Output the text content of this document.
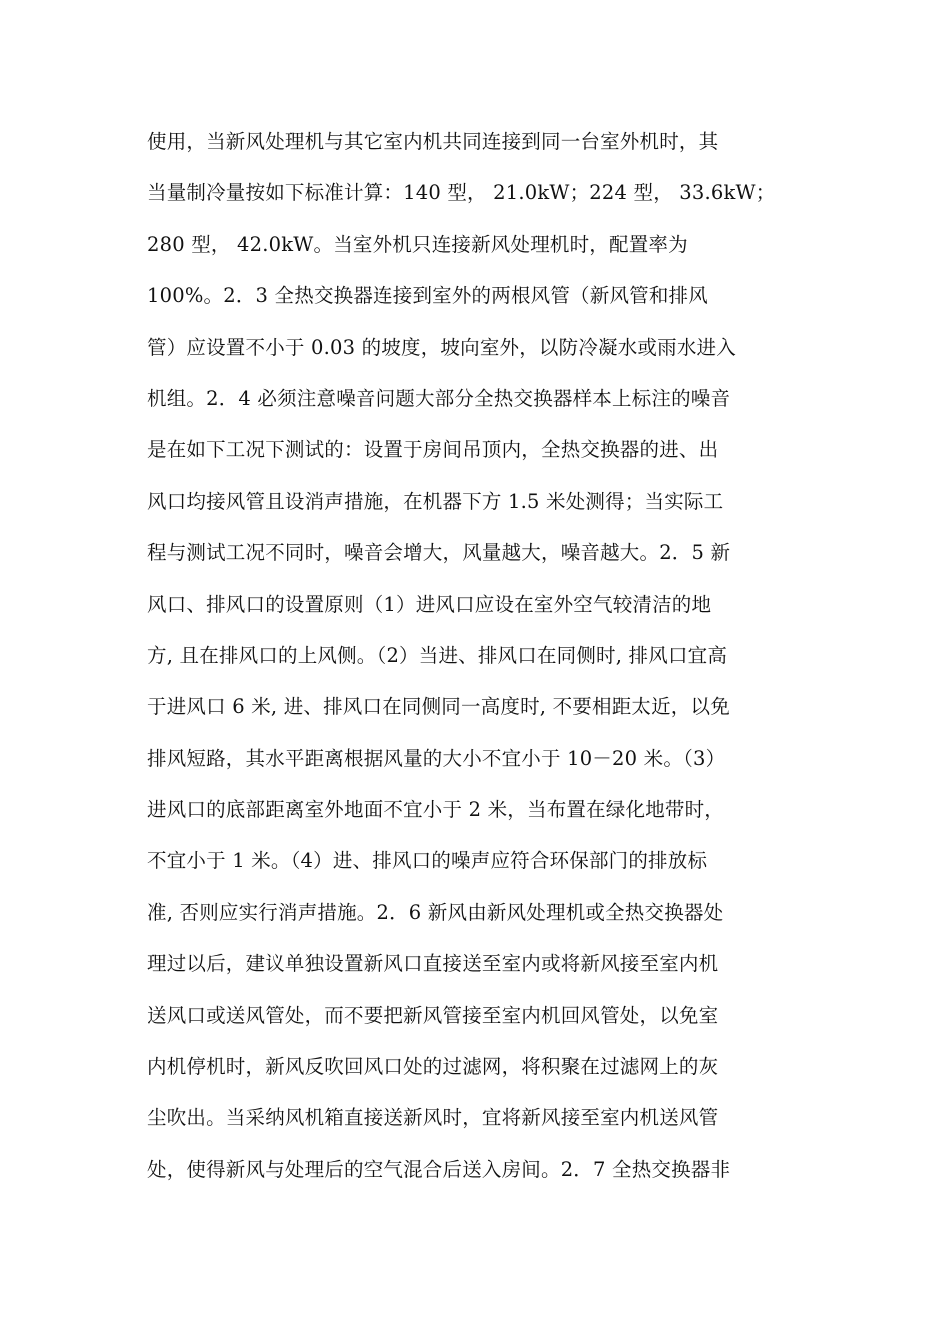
使用，当新风处理机与其它室内机共同连接到同一台室外机时，其
当量制冷量按如下标准计算：140 型， 21.0kW；224 型， 33.6kW；
280 型， 42.0kW。当室外机只连接新风处理机时，配置率为
100%。2．3 全热交换器连接到室外的两根风管（新风管和排风
管）应设置不小于 0.03 的坡度，坡向室外，以防冷凝水或雨水进入
机组。2．4 必须注意噪音问题大部分全热交换器样本上标注的噪音
是在如下工况下测试的：设置于房间吊顶内，全热交换器的进、出
风口均接风管且设消声措施，在机器下方 1.5 米处测得；当实际工
程与测试工况不同时，噪音会增大，风量越大，噪音越大。2．5 新
风口、排风口的设置原则（1）进风口应设在室外空气较清洁的地
方, 且在排风口的上风侧。（2）当进、排风口在同侧时, 排风口宜高
于进风口 6 米, 进、排风口在同侧同一高度时, 不要相距太近，以免
排风短路，其水平距离根据风量的大小不宜小于 10－20 米。（3）
进风口的底部距离室外地面不宜小于 2 米，当布置在绿化地带时，
不宜小于 1 米。（4）进、排风口的噪声应符合环保部门的排放标
准, 否则应实行消声措施。2．6 新风由新风处理机或全热交换器处
理过以后，建议单独设置新风口直接送至室内或将新风接至室内机
送风口或送风管处，而不要把新风管接至室内机回风管处，以免室
内机停机时，新风反吹回风口处的过滤网，将积聚在过滤网上的灰
尘吹出。当采纳风机箱直接送新风时，宜将新风接至室内机送风管
处，使得新风与处理后的空气混合后送入房间。2．7 全热交换器非
